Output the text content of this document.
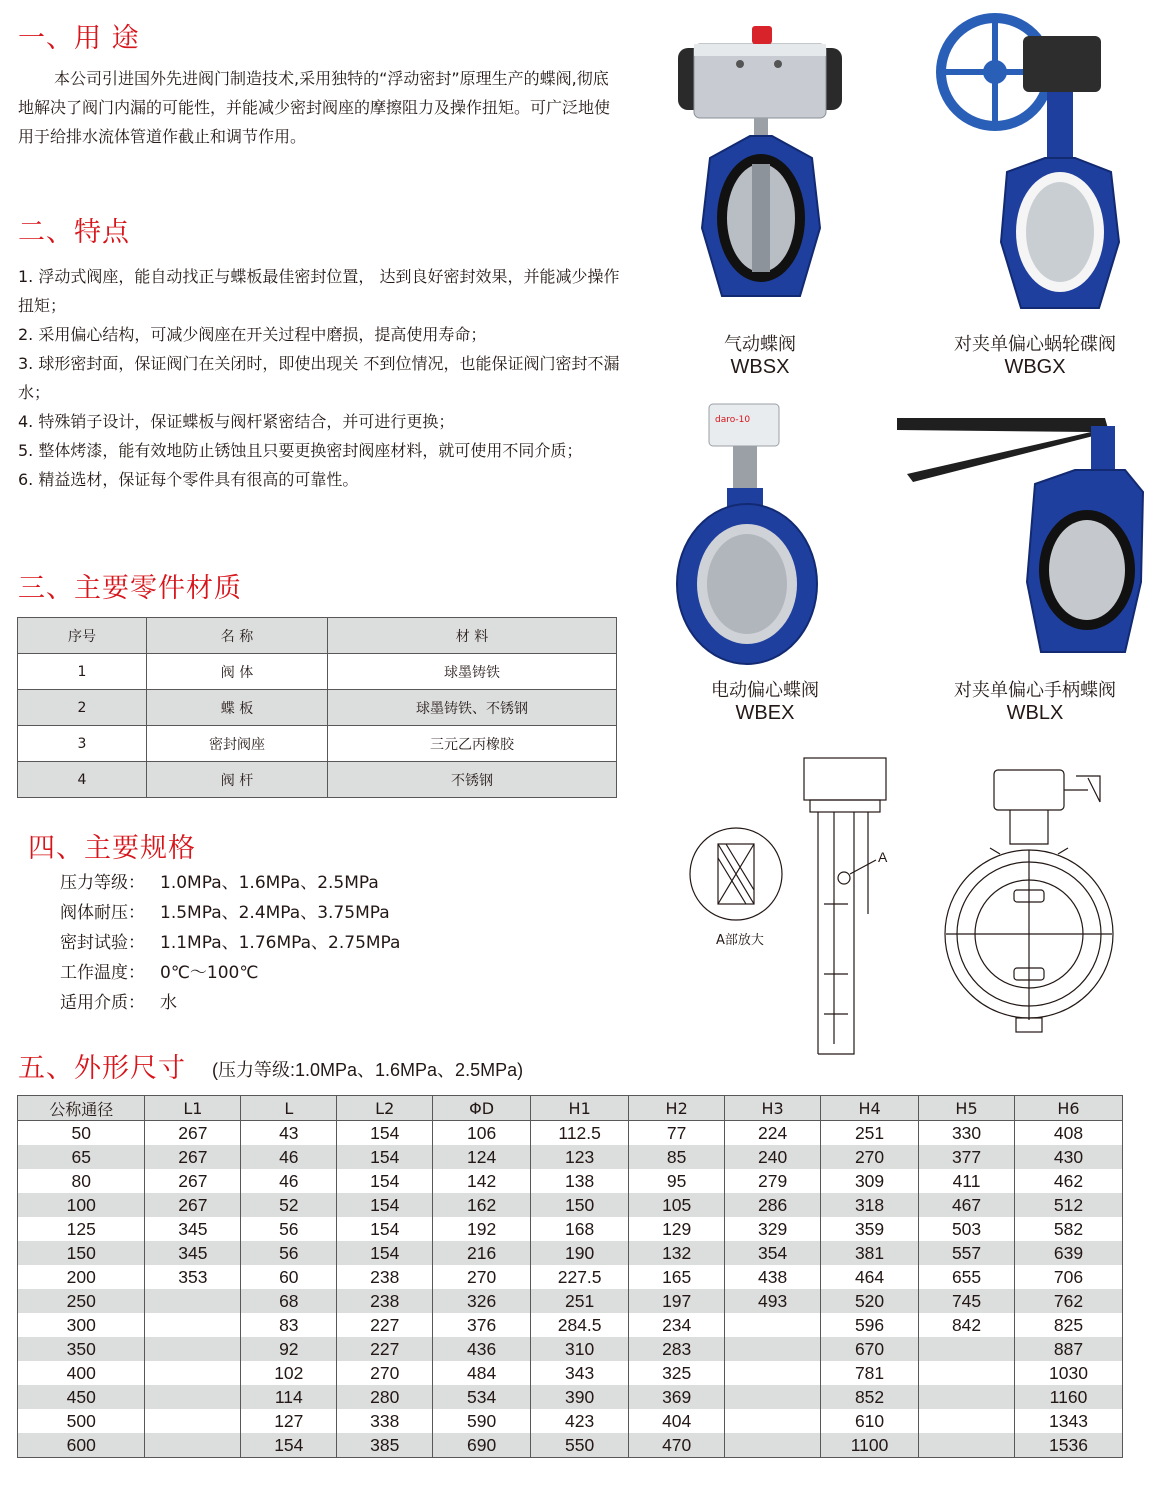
一、用 途
本公司引进国外先进阀门制造技术,采用独特的“浮动密封”原理生产的蝶阀,彻底地解决了阀门内漏的可能性，并能减少密封阀座的摩擦阻力及操作扭矩。可广泛地使用于给排水流体管道作截止和调节作用。
二、特点

1. 浮动式阀座，能自动找正与蝶板最佳密封位置， 达到良好密封效果，并能减少操作扭矩；

2. 采用偏心结构，可减少阀座在开关过程中磨损，提高使用寿命；

3. 球形密封面，保证阀门在关闭时，即使出现关 不到位情况，也能保证阀门密封不漏水；

4. 特殊销子设计，保证蝶板与阀杆紧密结合，并可进行更换；

5. 整体烤漆，能有效地防止锈蚀且只要更换密封阀座材料，就可使用不同介质；

6. 精益选材，保证每个零件具有很高的可靠性。

三、主要零件材质
序号	名 称	材 料
1	阀 体	球墨铸铁
2	蝶 板	球墨铸铁、不锈钢
3	密封阀座	三元乙丙橡胶
4	阀 杆	不锈钢
四、主要规格
压力等级： 1.0MPa、1.6MPa、2.5MPa
阀体耐压： 1.5MPa、2.4MPa、3.75MPa
密封试验： 1.1MPa、1.76MPa、2.75MPa
工作温度： 0℃～100℃
适用介质： 水
五、外形尺寸 (压力等级:1.0MPa、1.6MPa、2.5MPa)
公称通径	L1	L	L2	ΦD	H1	H2	H3	H4	H5	H6
50	267	43	154	106	112.5	77	224	251	330	408
65	267	46	154	124	123	85	240	270	377	430
80	267	46	154	142	138	95	279	309	411	462
100	267	52	154	162	150	105	286	318	467	512
125	345	56	154	192	168	129	329	359	503	582
150	345	56	154	216	190	132	354	381	557	639
200	353	60	238	270	227.5	165	438	464	655	706
250		68	238	326	251	197	493	520	745	762
300		83	227	376	284.5	234		596	842	825
350		92	227	436	310	283		670		887
400		102	270	484	343	325		781		1030
450		114	280	534	390	369		852		1160
500		127	338	590	423	404		610		1343
600		154	385	690	550	470		1100		1536
daro-10
气动蝶阀
WBSX
对夹单偏心蜗轮碟阀
WBGX
电动偏心蝶阀
WBEX
对夹单偏心手柄蝶阀
WBLX
A部放大
A
